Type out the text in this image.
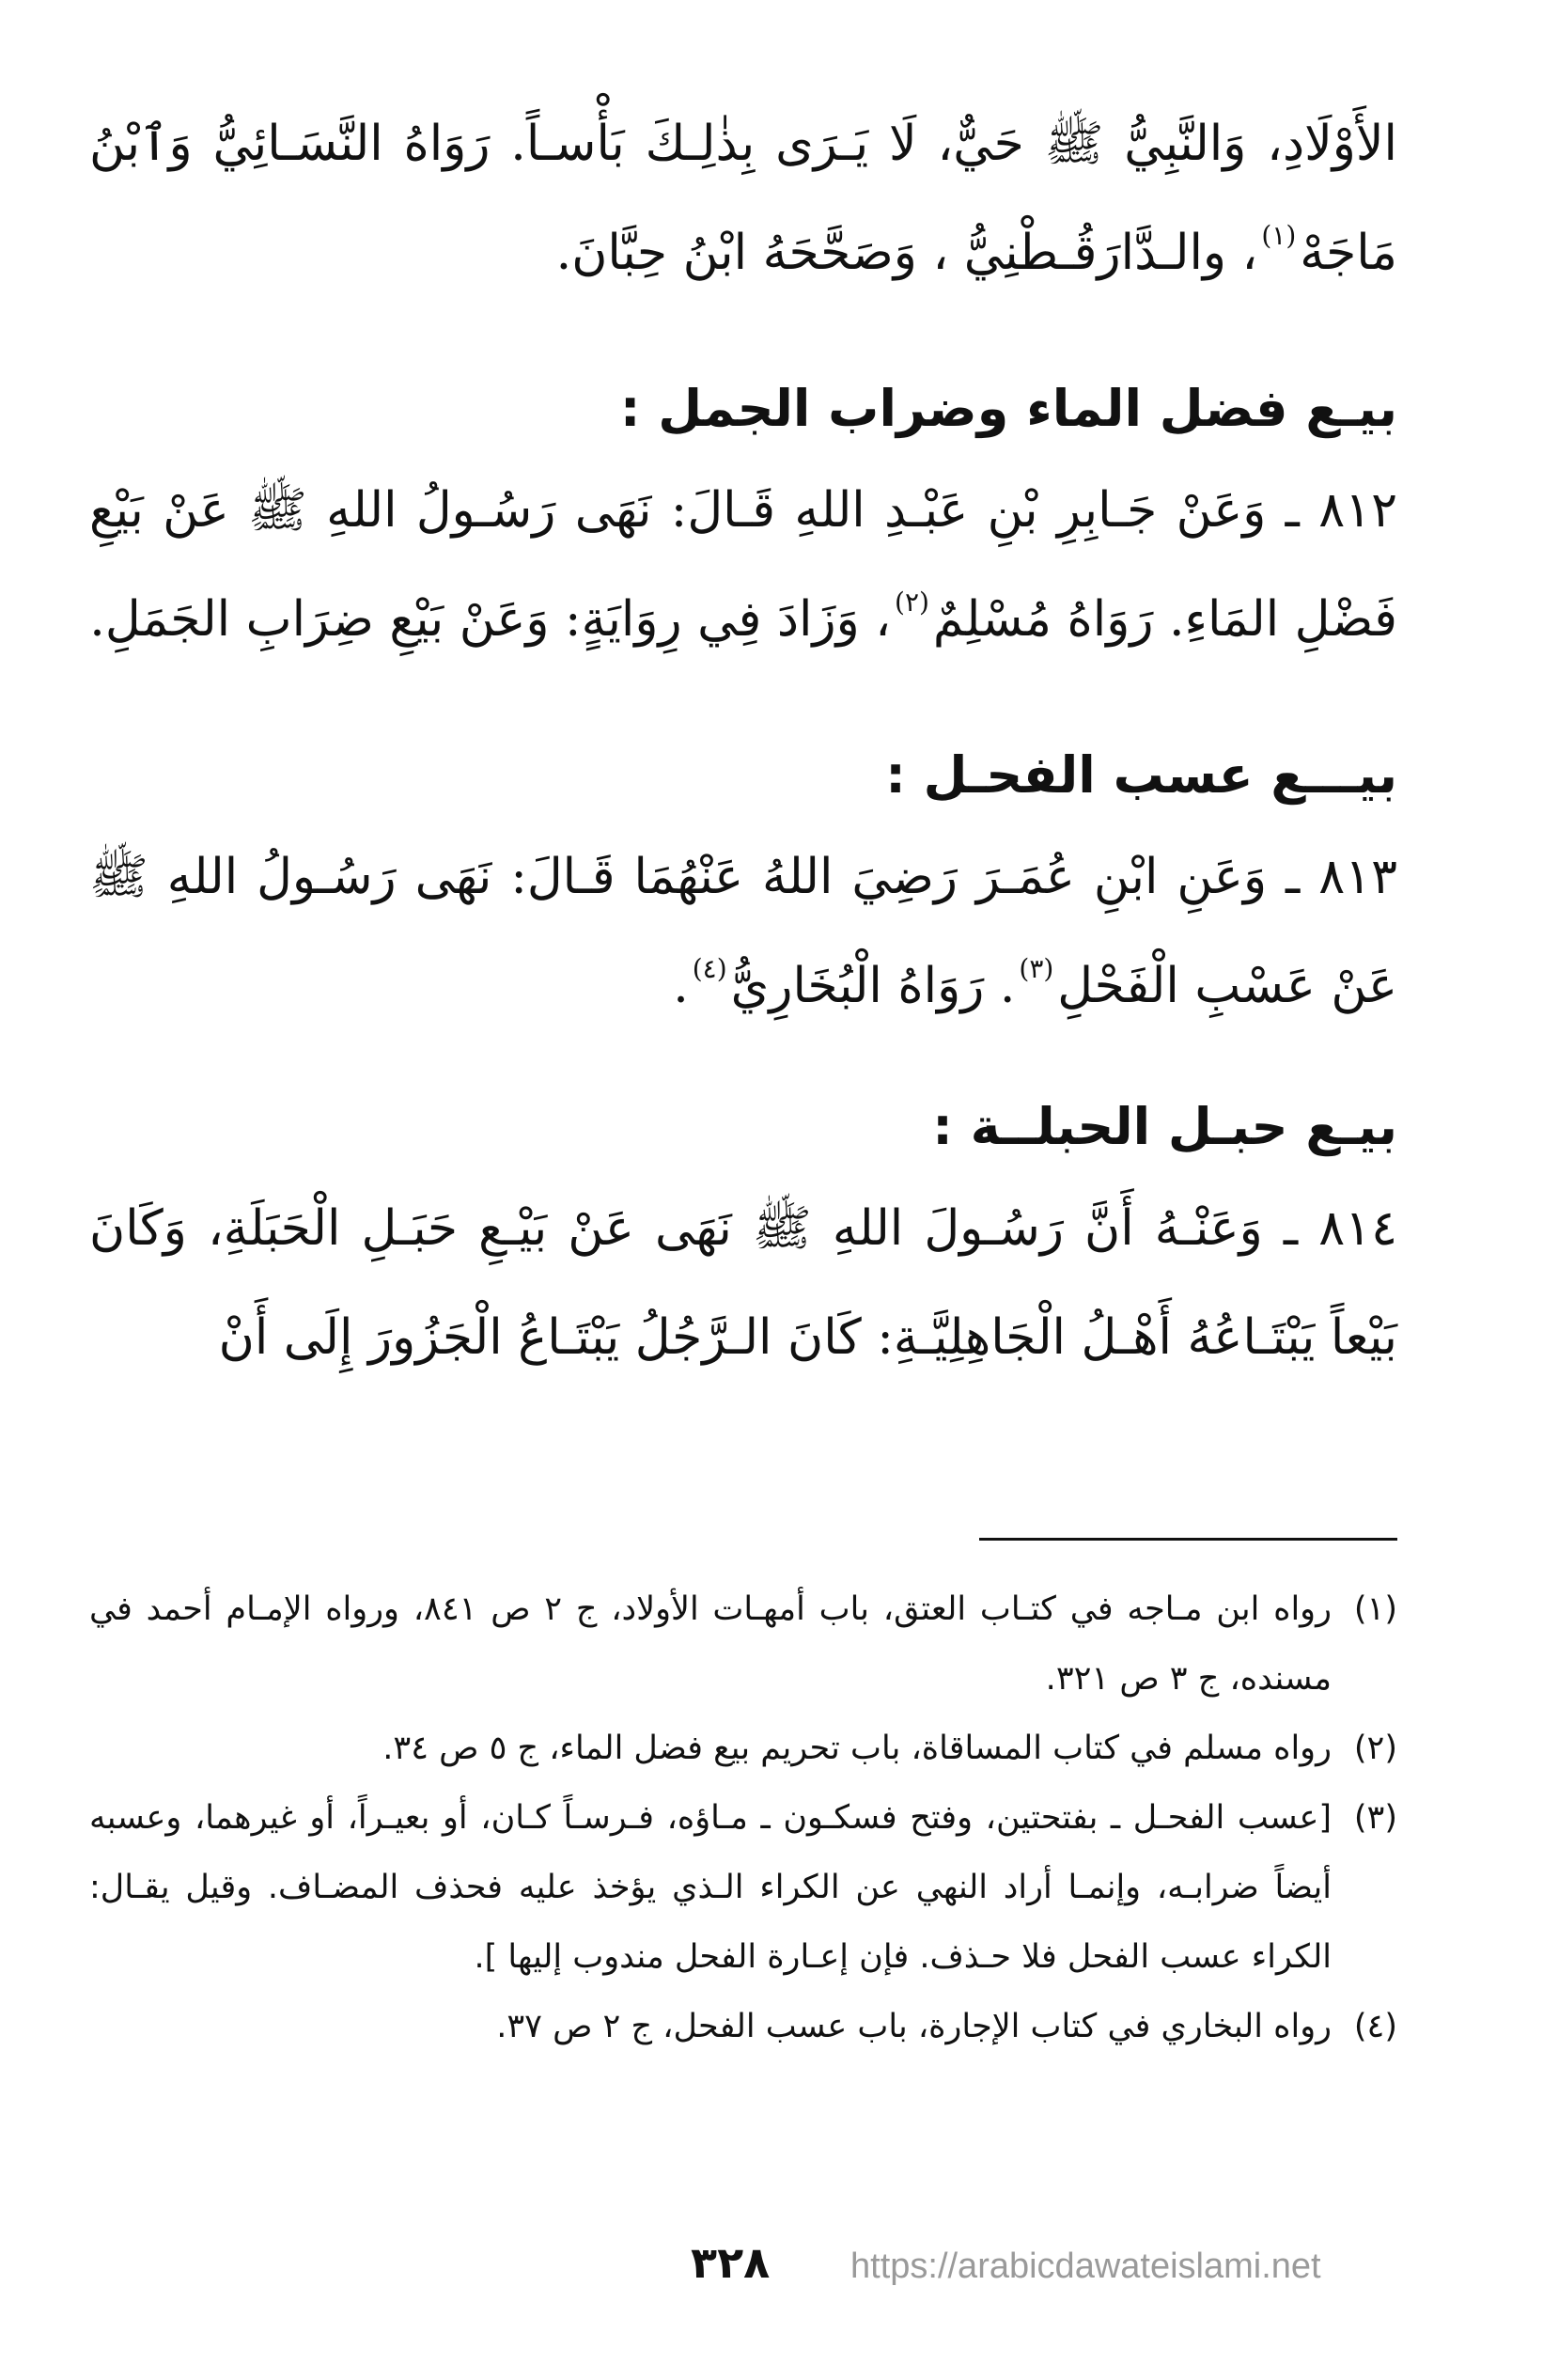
الأَوْلَادِ، وَالنَّبِيُّ ﷺ حَيٌّ، لَا يَـرَى بِذٰلِـكَ بَأْسـاً. رَوَاهُ النَّسَـائِيُّ وَٱبْنُ مَاجَهْ$^{(١)}$، والـدَّارَقُـطْنِيُّ ، وَصَحَّحَهُ ابْنُ حِبَّانَ.

بيـع فضل الماء وضراب الجمل :

٨١٢ ـ وَعَنْ جَـابِرِ بْنِ عَبْـدِ اللهِ قَـالَ: نَهَى رَسُـولُ اللهِ ﷺ عَنْ بَيْعِ فَضْلِ المَاءِ. رَوَاهُ مُسْلِمٌ$^{(٢)}$، وَزَادَ فِي رِوَايَةٍ: وَعَنْ بَيْعِ ضِرَابِ الجَمَلِ.

بيـــع عسب الفحـل :

٨١٣ ـ وَعَنِ ابْنِ عُمَـرَ رَضِيَ اللهُ عَنْهُمَا قَـالَ: نَهَى رَسُـولُ اللهِ ﷺ عَنْ عَسْبِ الْفَحْلِ$^{(٣)}$. رَوَاهُ الْبُخَارِيُّ$^{(٤)}$.

بيـع حبـل الحبلــة :

٨١٤ ـ وَعَنْـهُ أَنَّ رَسُـولَ اللهِ ﷺ نَهَى عَنْ بَيْـعِ حَبَـلِ الْحَبَلَةِ، وَكَانَ بَيْعاً يَبْتَـاعُهُ أَهْـلُ الْجَاهِلِيَّـةِ: كَانَ الـرَّجُلُ يَبْتَـاعُ الْجَزُورَ إِلَى أَنْ

(١)
رواه ابن مـاجه في كتـاب العتق، باب أمهـات الأولاد، ج ٢ ص ٨٤١، ورواه الإمـام أحمد في مسنده، ج ٣ ص ٣٢١.
(٢)
رواه مسلم في كتاب المساقاة، باب تحريم بيع فضل الماء، ج ٥ ص ٣٤.
(٣)
[عسب الفحـل ـ بفتحتين، وفتح فسكـون ـ مـاؤه، فـرسـاً كـان، أو بعيـراً، أو غيرهما، وعسبه أيضاً ضرابـه، وإنمـا أراد النهي عن الكراء الـذي يؤخذ عليه فحذف المضـاف. وقيل يقـال: الكراء عسب الفحل فلا حـذف. فإن إعـارة الفحل مندوب إليها ].
(٤)
رواه البخاري في كتاب الإجارة، باب عسب الفحل، ج ٢ ص ٣٧.
٣٢٨ https://arabicdawateislami.net
